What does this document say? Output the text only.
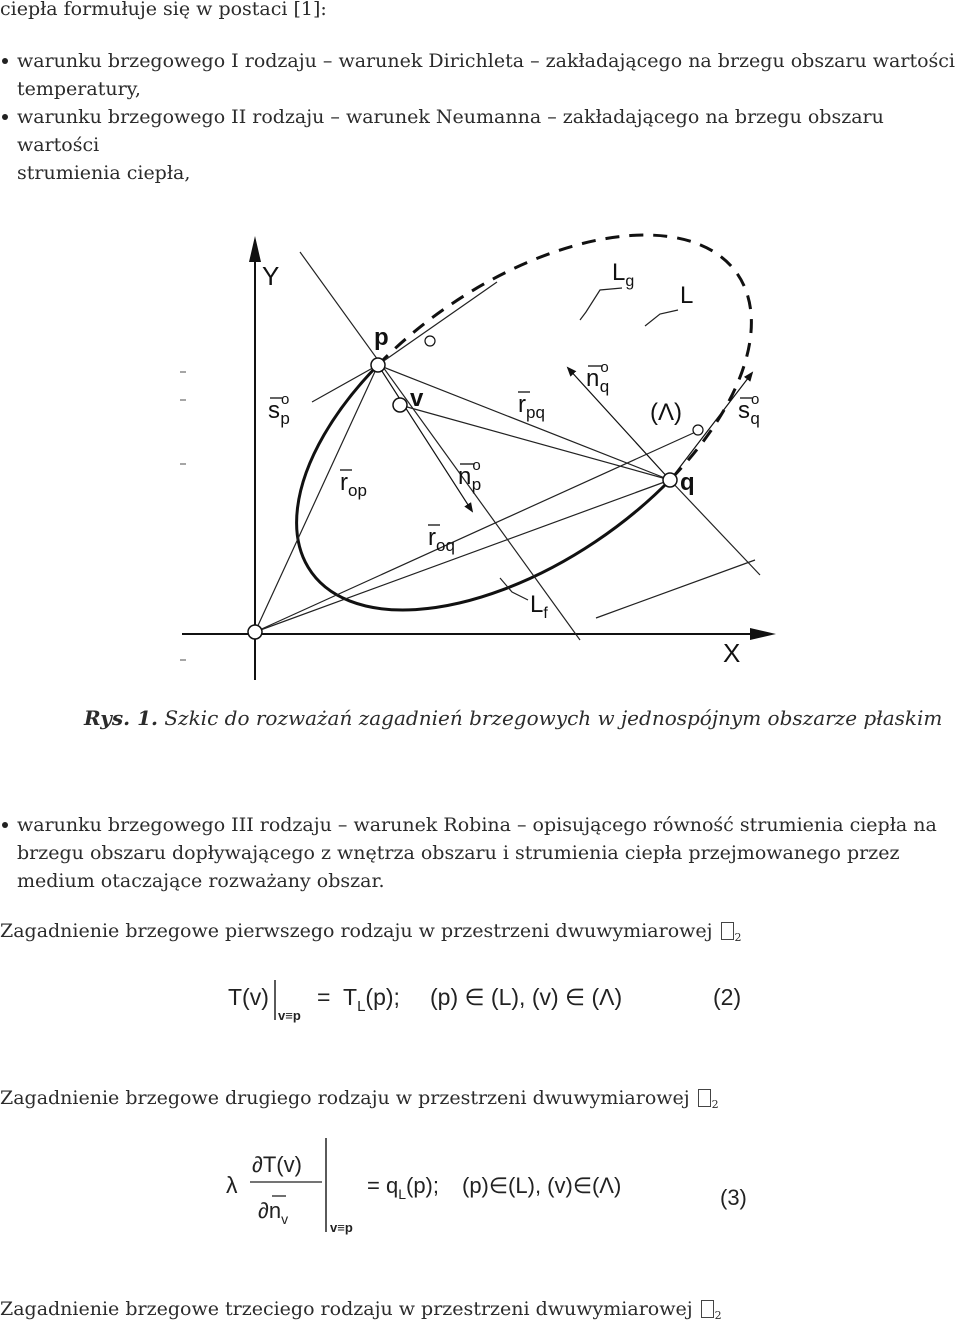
ciepła formułuje się w postaci [1]:
warunku brzegowego I rodzaju – warunek Dirichleta – zakładającego na brzegu obszaru wartości
temperatury,
warunku brzegowego II rodzaju – warunek Neumanna – zakładającego na brzegu obszaru wartości
strumienia ciepła,
Y
X
p
v
q
L
$L_g$
$L_f$
(Λ)
$s^o$ p	$s^o$ q
$n^o$ q
$n^o$ p
$r_{pq}$
$r_{op}$
$r_{oq}$
Rys. 1. Szkic do rozważań zagadnień brzegowych w jednospójnym obszarze płaskim
warunku brzegowego III rodzaju – warunek Robina – opisującego równość strumienia ciepła na
brzegu obszaru dopływającego z wnętrza obszaru i strumienia ciepła przejmowanego przez
medium otaczające rozważany obszar.
Zagadnienie brzegowe pierwszego rodzaju w przestrzeni dwuwymiarowej $_2$
T(v)
v≡p
= $T_L(p)$; (p) ∈ (L), (v) ∈ (Λ)	(2)
Zagadnienie brzegowe drugiego rodzaju w przestrzeni dwuwymiarowej $_2$
λ
∂T(v)
$\partial n_v$
v≡p
= $q_L(p)$; (p)∈(L), (v)∈(Λ)	(3)
Zagadnienie brzegowe trzeciego rodzaju w przestrzeni dwuwymiarowej $_2$
